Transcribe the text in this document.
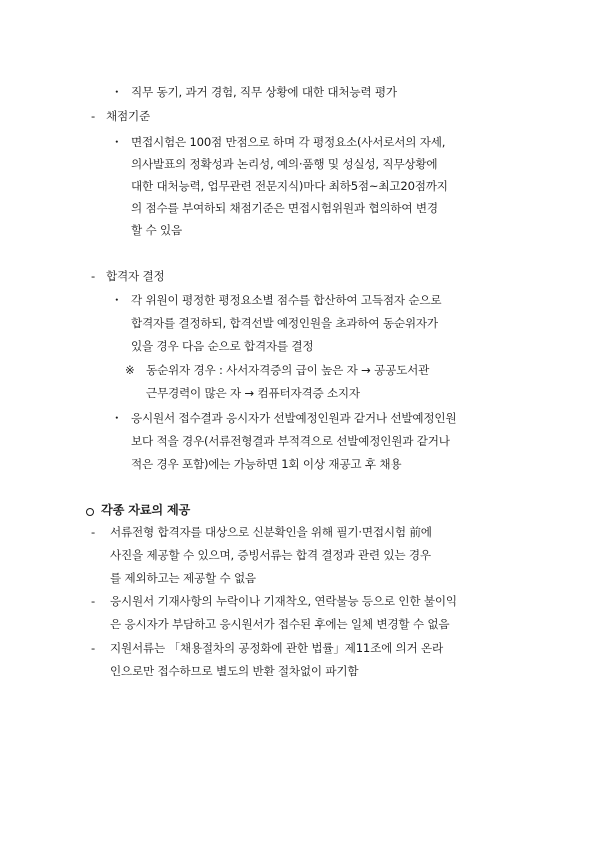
・ 직무 동기, 과거 경험, 직무 상황에 대한 대처능력 평가
- 채점기준
・ 면접시험은 100점 만점으로 하며 각 평정요소(사서로서의 자세,
의사발표의 정확성과 논리성, 예의·품행 및 성실성, 직무상황에
대한 대처능력, 업무관련 전문지식)마다 최하5점~최고20점까지
의 점수를 부여하되 채점기준은 면접시험위원과 협의하여 변경
할 수 있음
- 합격자 결정
・ 각 위원이 평정한 평정요소별 점수를 합산하여 고득점자 순으로
합격자를 결정하되, 합격선발 예정인원을 초과하여 동순위자가
있을 경우 다음 순으로 합격자를 결정
※ 동순위자 경우 : 사서자격증의 급이 높은 자 → 공공도서관
근무경력이 많은 자 → 컴퓨터자격증 소지자
・ 응시원서 접수결과 응시자가 선발예정인원과 같거나 선발예정인원
보다 적을 경우(서류전형결과 부적격으로 선발예정인원과 같거나
적은 경우 포함)에는 가능하면 1회 이상 재공고 후 채용
각종 자료의 제공
- 서류전형 합격자를 대상으로 신분확인을 위해 필기·면접시험 前에
사진을 제공할 수 있으며, 증빙서류는 합격 결정과 관련 있는 경우
를 제외하고는 제공할 수 없음
- 응시원서 기재사항의 누락이나 기재착오, 연락불능 등으로 인한 불이익
은 응시자가 부담하고 응시원서가 접수된 후에는 일체 변경할 수 없음
- 지원서류는 「채용절차의 공정화에 관한 법률」제11조에 의거 온라
인으로만 접수하므로 별도의 반환 절차없이 파기함
